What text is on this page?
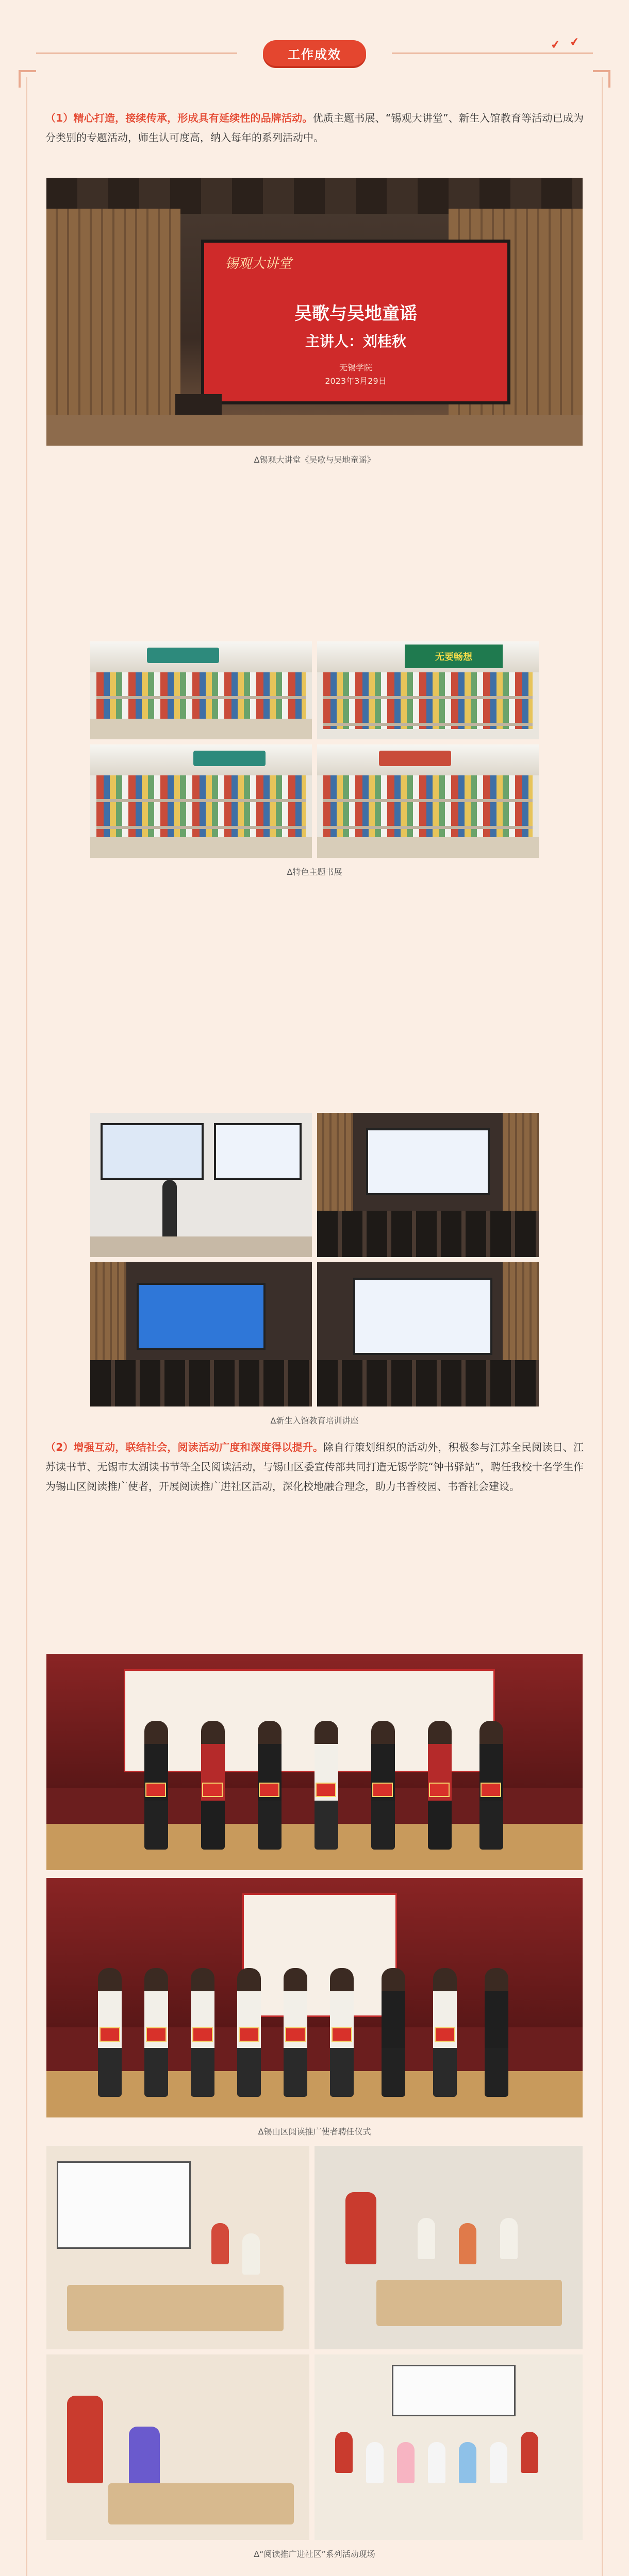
工作成效
✔ ✔
（1）精心打造，接续传承，形成具有延续性的品牌活动。优质主题书展、“锡观大讲堂”、新生入馆教育等活动已成为分类别的专题活动，师生认可度高，纳入每年的系列活动中。
锡观大讲堂
吴歌与吴地童谣
主讲人：刘桂秋
无锡学院
2023年3月29日
Δ锡观大讲堂《吴歌与吴地童谣》
无要畅想
Δ特色主题书展
Δ新生入馆教育培训讲座
（2）增强互动，联结社会，阅读活动广度和深度得以提升。除自行策划组织的活动外，积极参与江苏全民阅读日、江苏读书节、无锡市太湖读书节等全民阅读活动，与锡山区委宣传部共同打造无锡学院“钟书驿站”，聘任我校十名学生作为锡山区阅读推广使者，开展阅读推广进社区活动，深化校地融合理念，助力书香校园、书香社会建设。
Δ锡山区阅读推广使者聘任仪式
Δ“阅读推广进社区”系列活动现场
